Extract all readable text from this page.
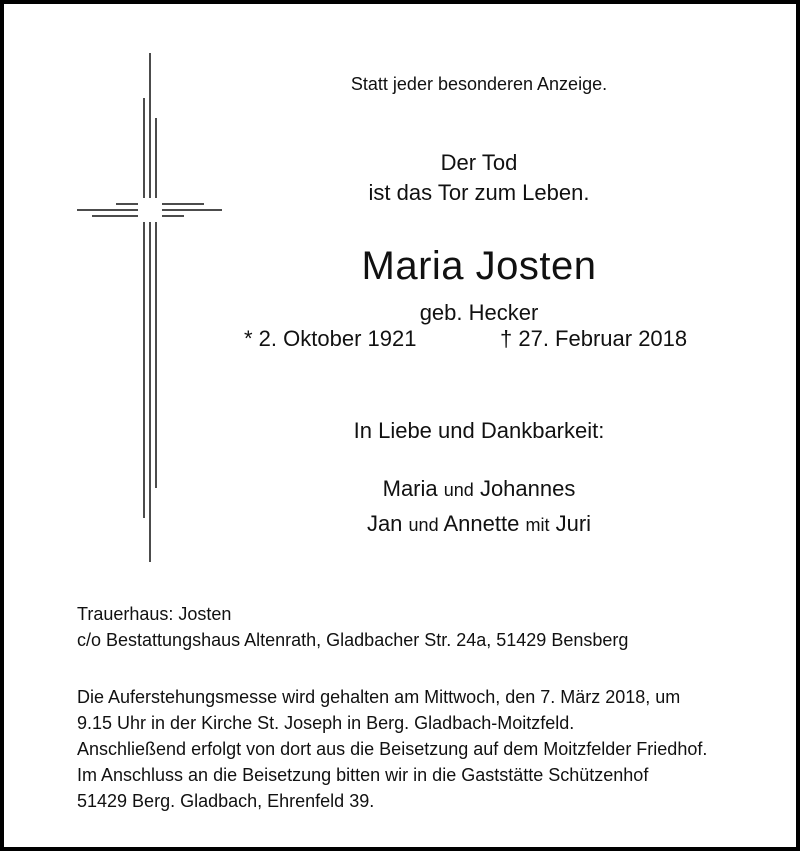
Statt jeder besonderen Anzeige.
Der Tod
ist das Tor zum Leben.
Maria Josten
geb. Hecker
* 2. Oktober 1921	† 27. Februar 2018
In Liebe und Dankbarkeit:
Maria und Johannes
Jan und Annette mit Juri
Trauerhaus: Josten
c/o Bestattungshaus Altenrath, Gladbacher Str. 24a, 51429 Bensberg
Die Auferstehungsmesse wird gehalten am Mittwoch, den 7. März 2018, um
9.15 Uhr in der Kirche St. Joseph in Berg. Gladbach-Moitzfeld.
Anschließend erfolgt von dort aus die Beisetzung auf dem Moitzfelder Friedhof.
Im Anschluss an die Beisetzung bitten wir in die Gaststätte Schützenhof
51429 Berg. Gladbach, Ehrenfeld 39.
